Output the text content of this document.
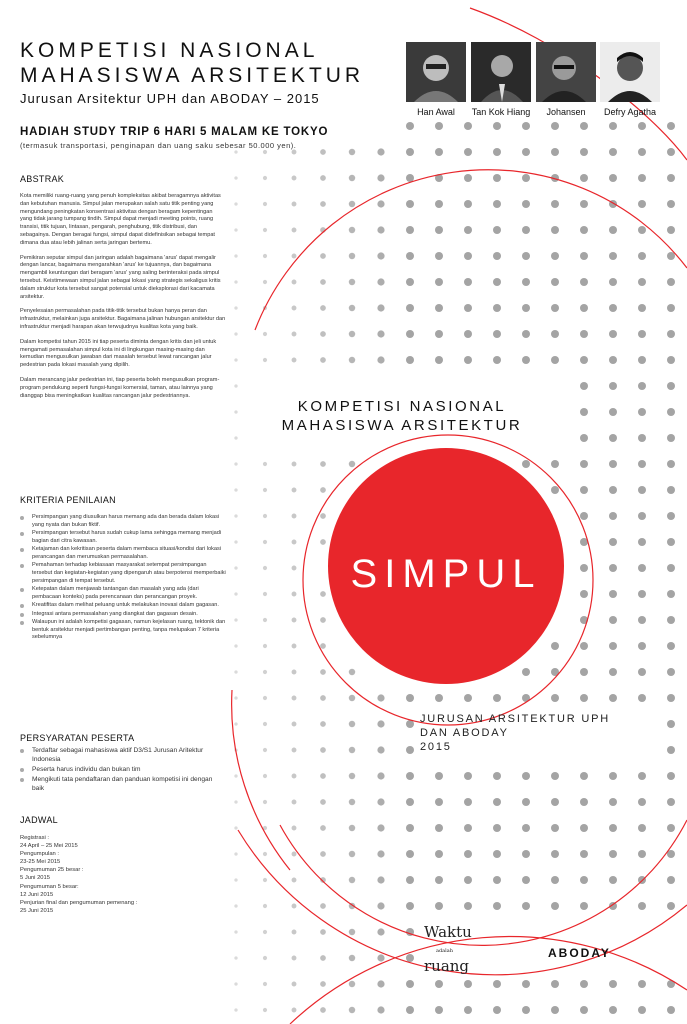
KOMPETISI NASIONAL
MAHASISWA ARSITEKTUR
Jurusan Arsitektur UPH dan ABODAY – 2015
HADIAH STUDY TRIP 6 HARI 5 MALAM KE TOKYO
(termasuk transportasi, penginapan dan uang saku sebesar 50.000 yen).
Han Awal	Tan Kok Hiang	Johansen	Defry Agatha
ABSTRAK

Kota memiliki ruang-ruang yang penuh kompleksitas akibat beragamnya aktivitas dan kebutuhan manusia. Simpul jalan merupakan salah satu titik penting yang mengundang peningkatan konsentrasi aktivitas dengan beragam kepentingan yang tidak jarang tumpang tindih. Simpul dapat menjadi meeting points, ruang transisi, titik tujuan, lintasan, pengarah, penghubung, titik distribusi, dan sebagainya. Dengan beragai fungsi, simpul dapat didefinisikan sebagai tempat dimana dua atau lebih jalinan serta jaringan bertemu.

Pemikiran seputar simpul dan jaringan adalah bagaimana 'arus' dapat mengalir dengan lancar, bagaimana mengarahkan 'arus' ke tujuannya, dan bagaimana mengambil keuntungan dari beragam 'arus' yang saling berinteraksi pada simpul tersebut. Keistimewaan simpul jalan sebagai lokasi yang strategis sekaligus kritis dalam struktur kota tersebut sangat potensial untuk dieksplorasi dari kacamata arsitektur.

Penyelesaian permasalahan pada titik-titik tersebut bukan hanya peran dan infrastruktur, melainkan juga arsitektur. Bagaimana jalinan hubungan arsitektur dan infrastruktur menjadi harapan akan terwujudnya kualitas kota yang baik.

Dalam kompetisi tahun 2015 ini tiap peserta diminta dengan kritis dan jeli untuk mengamati pemasalahan simpul kota ini di lingkungan masing-masing dan kemudian mengusulkan jawaban dari masalah tersebut lewat rancangan jalur pedestrian pada lokasi masalah yang dipilih.

Dalam merancang jalur pedestrian ini, tiap peserta boleh mengusulkan program-program pendukung seperti fungsi-fungsi komersial, taman, atau lainnya yang dianggap bisa meningkatkan kualitas rancangan jalur pedestriannya.

KRITERIA PENILAIAN
Persimpangan yang diusulkan harus memang ada dan berada dalam lokasi yang nyata dan bukan fiktif.
Persimpangan tersebut harus sudah cukup lama sehingga memang menjadi bagian dari citra kawasan.
Ketajaman dan kekritisan peserta dalam membaca situasi/kondisi dari lokasi perancangan dan merumuskan permasalahan.
Pemahaman terhadap kebiasaan masyarakat setempat persimpangan tersebut dan kegiatan-kegiatan yang dipengaruh atau berpotensi memperbaiki persimpangan di tempat tersebut.
Ketepatan dalam menjawab tantangan dan masalah yang ada (dari pembacaan konteks) pada perencanaan dan perancangan proyek.
Kreatifitas dalam melihat peluang untuk melakukan inovasi dalam gagasan.
Integrasi antara permasalahan yang diangkat dan gagasan desain.
Walaupun ini adalah kompetisi gagasan, namun kejelasan ruang, tektonik dan bentuk arsitektur menjadi pertimbangan penting, tanpa melupakan 7 kriteria sebelumnya
PERSYARATAN PESERTA
Terdaftar sebagai mahasiswa aktif D3/S1 Jurusan Aritektur Indonesia
Peserta harus individu dan bukan tim
Mengikuti tata pendaftaran dan panduan kompetisi ini dengan baik
JADWAL
Registrasi :
24 April – 25 Mei 2015
Pengumpulan :
23-25 Mei 2015
Pengumuman 25 besar :
5 Juni 2015
Pengumuman 5 besar:
12 Juni 2015
Penjurian final dan pengumuman pemenang :
25 Juni 2015
KOMPETISI NASIONAL
MAHASISWA ARSITEKTUR
SIMPUL
JURUSAN ARSITEKTUR UPH
DAN ABODAY
2015
Waktu
adalah
ruang
ABODAY
